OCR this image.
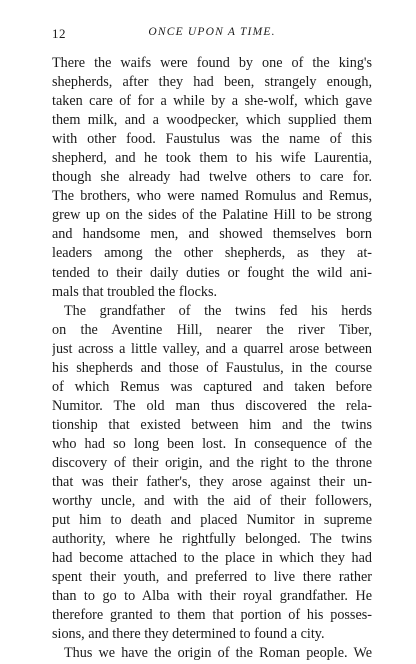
12	ONCE UPON A TIME.
There the waifs were found by one of the king's
shepherds, after they had been, strangely enough,
taken care of for a while by a she-wolf, which gave
them milk, and a woodpecker, which supplied them
with other food. Faustulus was the name of this
shepherd, and he took them to his wife Laurentia,
though she already had twelve others to care for.
The brothers, who were named Romulus and Remus,
grew up on the sides of the Palatine Hill to be strong
and handsome men, and showed themselves born
leaders among the other shepherds, as they at-
tended to their daily duties or fought the wild ani-
mals that troubled the flocks.
The grandfather of the twins fed his herds
on the Aventine Hill, nearer the river Tiber,
just across a little valley, and a quarrel arose between
his shepherds and those of Faustulus, in the course
of which Remus was captured and taken before
Numitor. The old man thus discovered the rela-
tionship that existed between him and the twins
who had so long been lost. In consequence of the
discovery of their origin, and the right to the throne
that was their father's, they arose against their un-
worthy uncle, and with the aid of their followers,
put him to death and placed Numitor in supreme
authority, where he rightfully belonged. The twins
had become attached to the place in which they had
spent their youth, and preferred to live there rather
than to go to Alba with their royal grandfather. He
therefore granted to them that portion of his posses-
sions, and there they determined to found a city.
Thus we have the origin of the Roman people. We
